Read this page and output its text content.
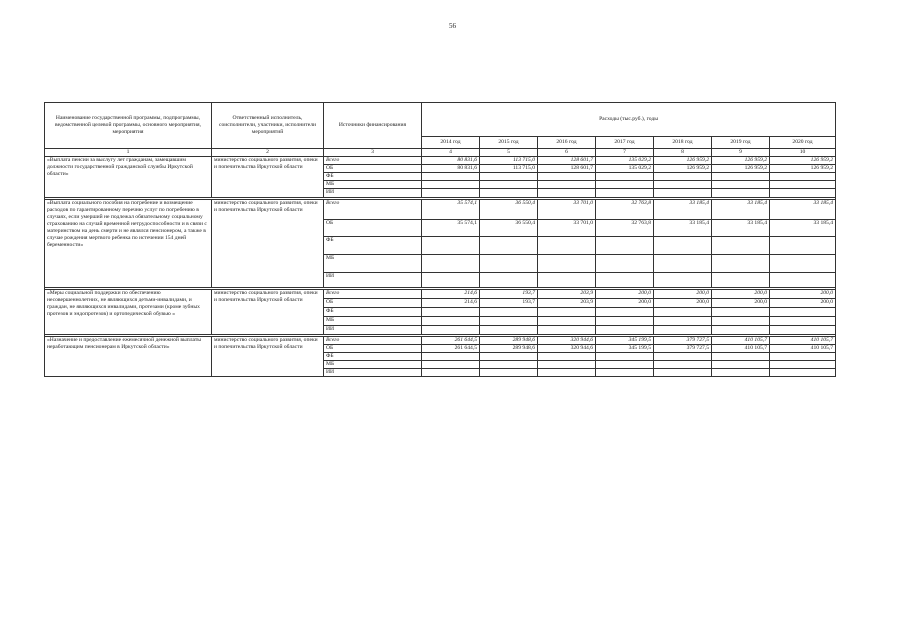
56
Наименование государственной программы, подпрограммы, ведомственной целевой программы, основного мероприятия, мероприятия	Ответственный исполнитель, соисполнители, участники, исполнители мероприятий	Источники финансирования	Расходы (тыс.руб.), годы						
			2014 год	2015 год	2016 год	2017 год	2018 год	2019 год	2020 год
1	2	3	4	5	6	7	8	9	10
«Выплата пенсии за выслугу лет гражданам, замещавшим должности государственной гражданской службы Иркутской области»	министерство социального развития, опеки и попечительства Иркутской области	Всего	80 831,6	113 715,0	128 601,7	135 029,2	126 959,2	126 959,2	126 959,2
		ОБ	80 831,6	113 715,0	128 601,7	135 029,2	126 959,2	126 959,2	126 959,2
		ФБ							
		МБ							
		ИИ							

«Выплата социального пособия на погребение и возмещение расходов по гарантированному перечню услуг по погребению в случаях, если умерший не подлежал обязательному социальному страхованию на случай временной нетрудоспособности и в связи с материнством на день смерти и не являлся пенсионером, а также в случае рождения мертвого ребенка по истечении 154 дней беременности»	министерство социального развития, опеки и попечительства Иркутской области	Всего	35 574,1	36 550,4	33 701,0	32 763,8	33 185,4	33 185,4	33 185,4
		ОБ	35 574,1	36 550,4	33 701,0	32 763,8	33 185,4	33 185,4	33 185,4
		ФБ							
		МБ							
		ИИ							

«Меры социальной поддержки по обеспечению несовершеннолетних, не являющихся детьми-инвалидами, и граждан, не являющихся инвалидами, протезами (кроме зубных протезов и эндопротезов) и ортопедической обувью »	министерство социального развития, опеки и попечительства Иркутской области	Всего	214,6	193,7	203,9	200,0	200,0	200,0	200,0
		ОБ	214,6	193,7	203,9	200,0	200,0	200,0	200,0
		ФБ							
		МБ							
		ИИ							

«Назначение и предоставление ежемесячной денежной выплаты неработающим пенсионерам в Иркутской области»	министерство социального развития, опеки и попечительства Иркутской области	Всего	261 644,5	289 948,6	320 944,6	345 199,5	379 727,5	410 105,7	410 105,7
		ОБ	261 644,5	289 948,6	320 944,6	345 199,5	379 727,5	410 105,7	410 105,7
		ФБ							
		МБ							
		ИИ							
